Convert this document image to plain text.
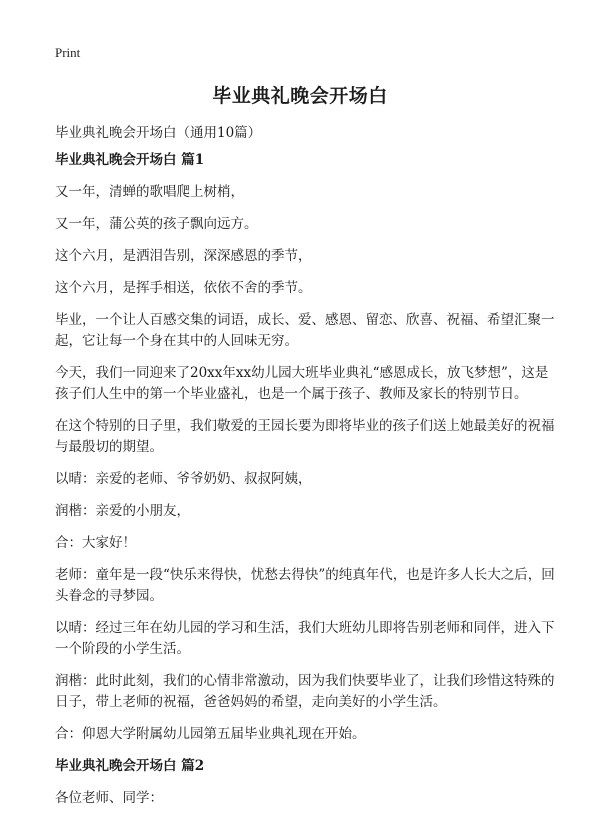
Print
毕业典礼晚会开场白
毕业典礼晚会开场白（通用10篇）
毕业典礼晚会开场白 篇1

又一年，清蝉的歌唱爬上树梢，

又一年，蒲公英的孩子飘向远方。

这个六月，是洒泪告别，深深感恩的季节，

这个六月，是挥手相送，依依不舍的季节。

毕业，一个让人百感交集的词语，成长、爱、感恩、留恋、欣喜、祝福、希望汇聚一起，它让每一个身在其中的人回味无穷。

今天，我们一同迎来了20xx年xx幼儿园大班毕业典礼“感恩成长，放飞梦想”，这是孩子们人生中的第一个毕业盛礼，也是一个属于孩子、教师及家长的特别节日。

在这个特别的日子里，我们敬爱的王园长要为即将毕业的孩子们送上她最美好的祝福与最殷切的期望。

以晴：亲爱的老师、爷爷奶奶、叔叔阿姨，

润楷：亲爱的小朋友，

合：大家好！

老师：童年是一段“快乐来得快，忧愁去得快”的纯真年代，也是许多人长大之后，回头眷念的寻梦园。

以晴：经过三年在幼儿园的学习和生活，我们大班幼儿即将告别老师和同伴，进入下一个阶段的小学生活。

润楷：此时此刻，我们的心情非常激动，因为我们快要毕业了，让我们珍惜这特殊的日子，带上老师的祝福，爸爸妈妈的希望，走向美好的小学生活。

合：仰恩大学附属幼儿园第五届毕业典礼现在开始。

毕业典礼晚会开场白 篇2

各位老师、同学：
